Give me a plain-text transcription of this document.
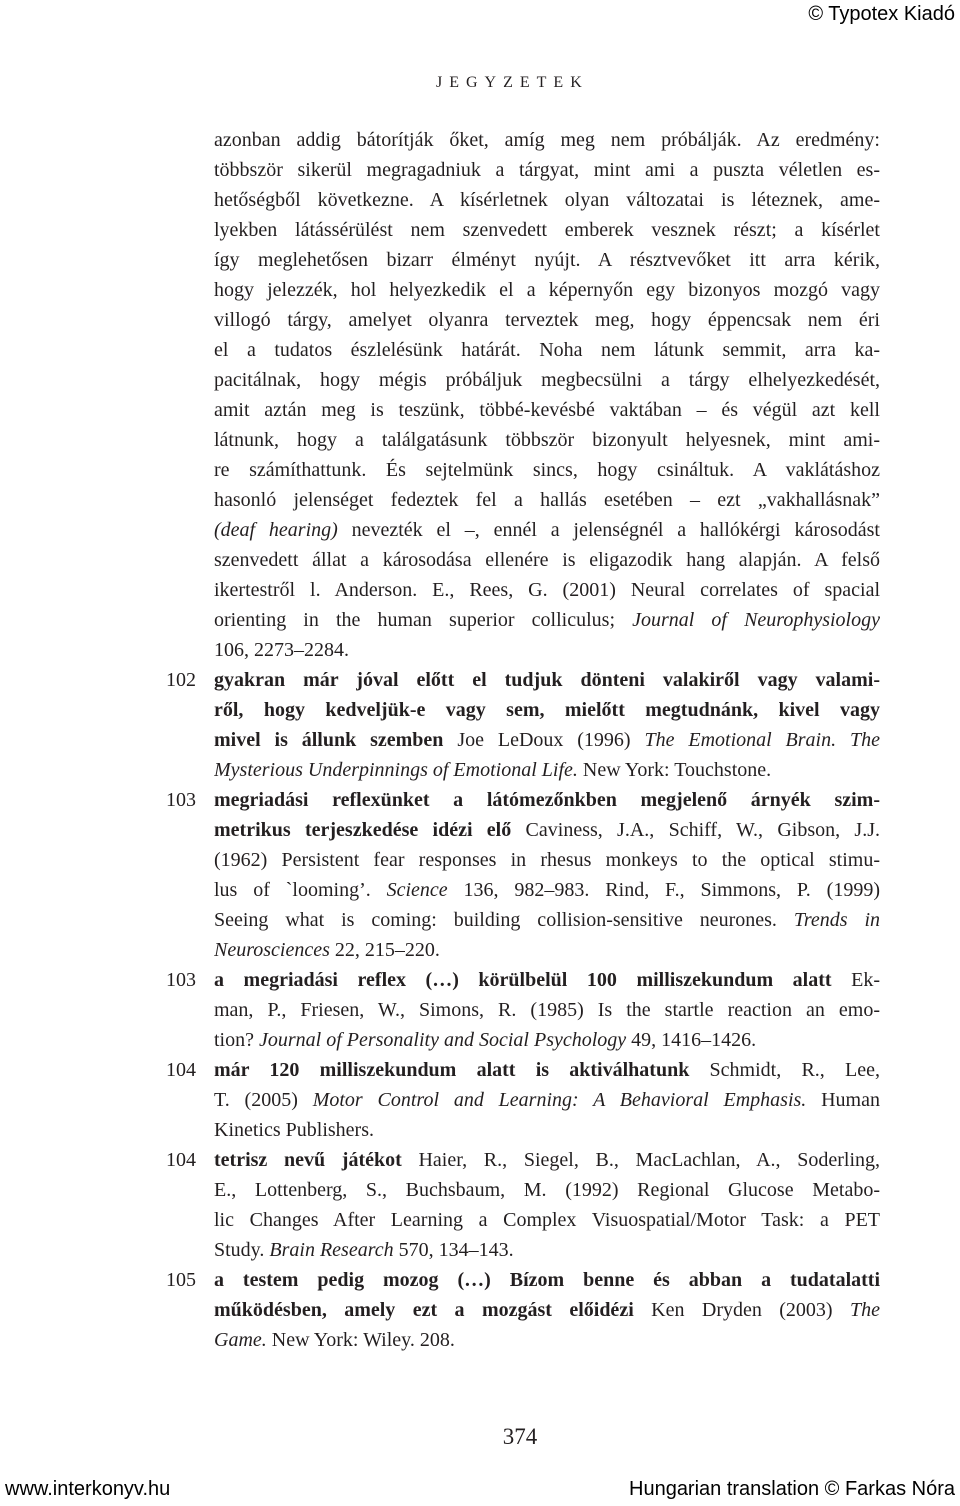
© Typotex Kiadó
JEGYZETEK
azonban addig bátorítják őket, amíg meg nem próbálják. Az eredmény:
többször sikerül megragadniuk a tárgyat, mint ami a puszta véletlen es-
hetőségből következne. A kísérletnek olyan változatai is léteznek, ame-
lyekben látássérülést nem szenvedett emberek vesznek részt; a kísérlet
így meglehetősen bizarr élményt nyújt. A résztvevőket itt arra kérik,
hogy jelezzék, hol helyezkedik el a képernyőn egy bizonyos mozgó vagy
villogó tárgy, amelyet olyanra terveztek meg, hogy éppencsak nem éri
el a tudatos észlelésünk határát. Noha nem látunk semmit, arra ka-
pacitálnak, hogy mégis próbáljuk megbecsülni a tárgy elhelyezkedését,
amit aztán meg is teszünk, többé-kevésbé vaktában – és végül azt kell
látnunk, hogy a találgatásunk többször bizonyult helyesnek, mint ami-
re számíthattunk. És sejtelmünk sincs, hogy csináltuk. A vaklátáshoz
hasonló jelenséget fedeztek fel a hallás esetében – ezt „vakhallásnak”
(deaf hearing) nevezték el –, ennél a jelenségnél a hallókérgi károsodást
szenvedett állat a károsodása ellenére is eligazodik hang alapján. A felső
ikertestről l. Anderson. E., Rees, G. (2001) Neural correlates of spacial
orienting in the human superior colliculus; Journal of Neurophysiology
106, 2273–2284.
102 gyakran már jóval előtt el tudjuk dönteni valakiről vagy valami-
ről, hogy kedveljük-e vagy sem, mielőtt megtudnánk, kivel vagy
mivel is állunk szemben Joe LeDoux (1996) The Emotional Brain. The
Mysterious Underpinnings of Emotional Life. New York: Touchstone.
103 megriadási reflexünket a látómezőnkben megjelenő árnyék szim-
metrikus terjeszkedése idézi elő Caviness, J.A., Schiff, W., Gibson, J.J.
(1962) Persistent fear responses in rhesus monkeys to the optical stimu-
lus of `looming’. Science 136, 982–983. Rind, F., Simmons, P. (1999)
Seeing what is coming: building collision-sensitive neurones. Trends in
Neurosciences 22, 215–220.
103 a megriadási reflex (…) körülbelül 100 milliszekundum alatt Ek-
man, P., Friesen, W., Simons, R. (1985) Is the startle reaction an emo-
tion? Journal of Personality and Social Psychology 49, 1416–1426.
104 már 120 milliszekundum alatt is aktiválhatunk Schmidt, R., Lee,
T. (2005) Motor Control and Learning: A Behavioral Emphasis. Human
Kinetics Publishers.
104 tetrisz nevű játékot Haier, R., Siegel, B., MacLachlan, A., Soderling,
E., Lottenberg, S., Buchsbaum, M. (1992) Regional Glucose Metabo-
lic Changes After Learning a Complex Visuospatial/Motor Task: a PET
Study. Brain Research 570, 134–143.
105 a testem pedig mozog (…) Bízom benne és abban a tudatalatti
működésben, amely ezt a mozgást előidézi Ken Dryden (2003) The
Game. New York: Wiley. 208.
374
www.interkonyv.hu	Hungarian translation © Farkas Nóra
